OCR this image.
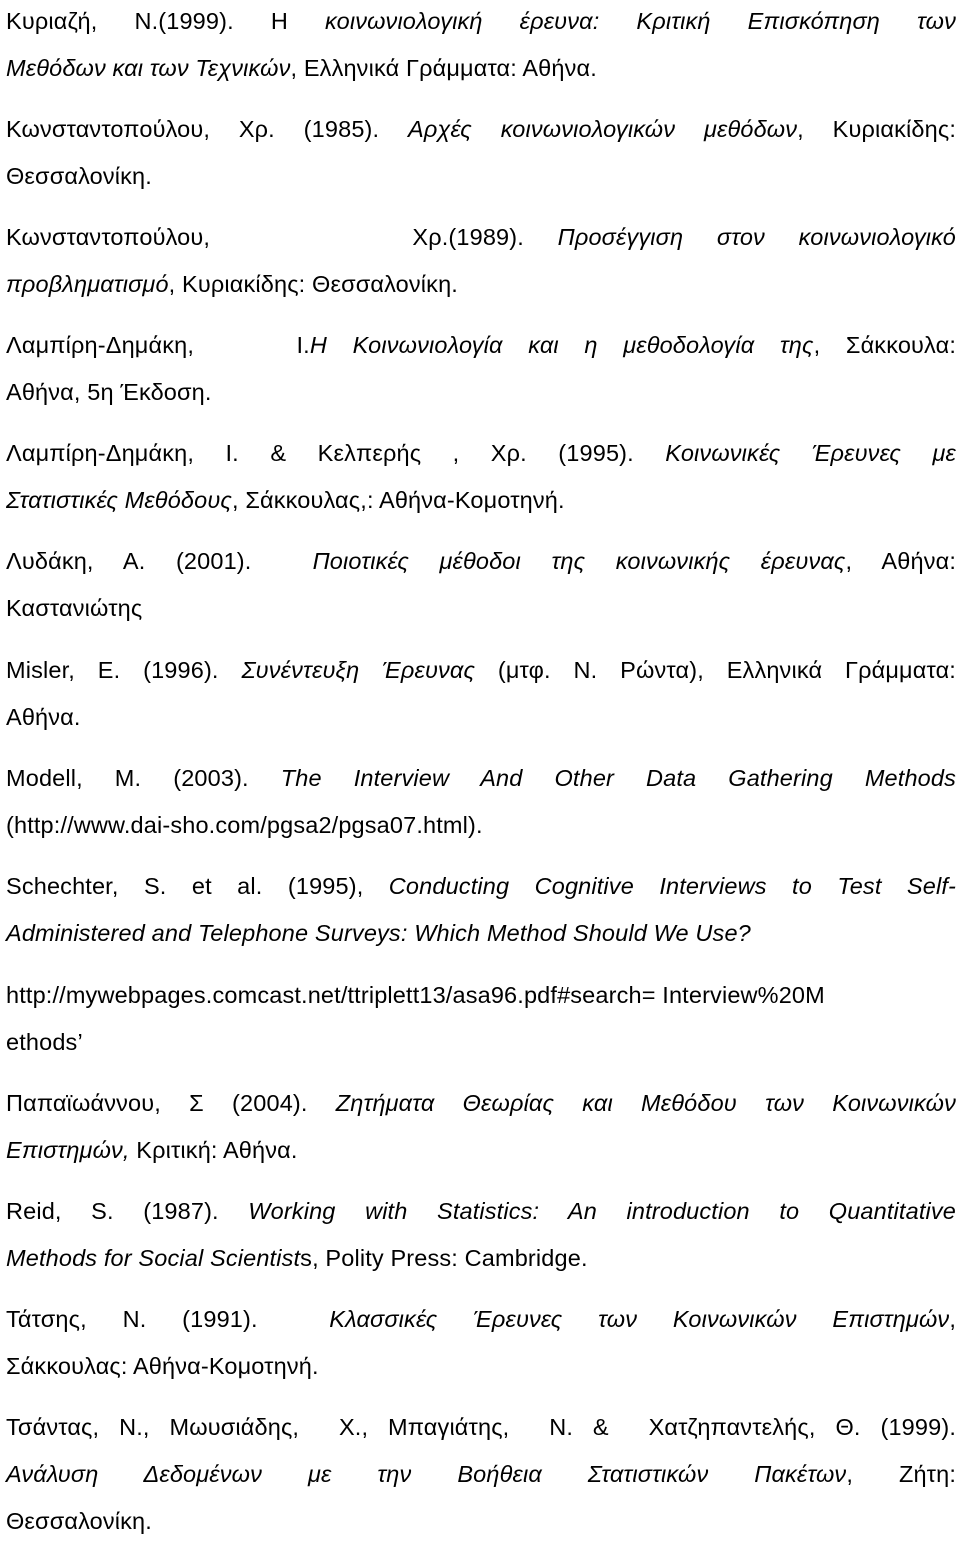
Κυριαζή, Ν.(1999). Η κοινωνιολογική έρευνα: Κριτική Επισκόπηση των
Μεθόδων και των Τεχνικών, Ελληνικά Γράμματα: Αθήνα.
Κωνσταντοπούλου, Χρ. (1985). Αρχές κοινωνιολογικών μεθόδων, Κυριακίδης:
Θεσσαλονίκη.
Κωνσταντοπούλου,      Χρ.(1989). Προσέγγιση στον κοινωνιολογικό
προβληματισμό, Κυριακίδης: Θεσσαλονίκη.
Λαμπίρη-Δημάκη,    Ι.Η Κοινωνιολογία και η μεθοδολογία της, Σάκκουλα:
Αθήνα, 5η Έκδοση.
Λαμπίρη-Δημάκη, Ι. & Κελπερής , Χρ. (1995). Κοινωνικές Έρευνες με
Στατιστικές Μεθόδους, Σάκκουλας,: Αθήνα-Κομοτηνή.
Λυδάκη, Α. (2001).  Ποιοτικές μέθοδοι της κοινωνικής έρευνας, Αθήνα:
Καστανιώτης
Misler, E. (1996). Συνέντευξη Έρευνας (μτφ. Ν. Ρώντα), Ελληνικά Γράμματα:
Αθήνα.
Modell, M. (2003). The Interview And Other Data Gathering Methods
(http://www.dai-sho.com/pgsa2/pgsa07.html).
Schechter, S. et al. (1995), Conducting Cognitive Interviews to Test Self-
Administered and Telephone Surveys: Which Method Should We Use?
http://mywebpages.comcast.net/ttriplett13/asa96.pdf#search= Interview%20M
ethods’
Παπαϊωάννου, Σ (2004). Ζητήματα Θεωρίας και Μεθόδου των Κοινωνικών
Επιστημών, Κριτική: Αθήνα.
Reid, S. (1987). Working with Statistics: An introduction to Quantitative
Methods for Social Scientists, Polity Press: Cambridge.
Τάτσης, Ν. (1991).  Κλασσικές Έρευνες των Κοινωνικών Επιστημών,
Σάκκουλας: Αθήνα-Κομοτηνή.
Τσάντας, Ν., Μωυσιάδης,  Χ., Μπαγιάτης,  Ν. &  Χατζηπαντελής, Θ. (1999).
Ανάλυση Δεδομένων με την Βοήθεια Στατιστικών Πακέτων, Ζήτη:
Θεσσαλονίκη.
